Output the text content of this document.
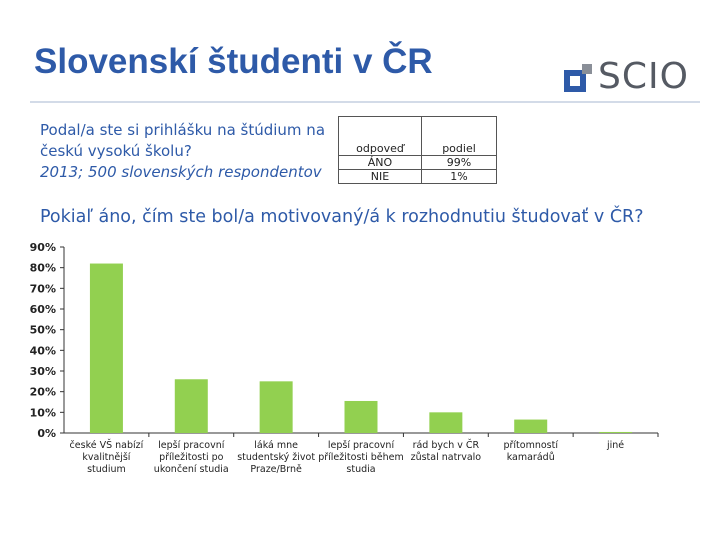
Slovenskí študenti v ČR	SCIO
Podal/a ste si prihlášku na štúdium na
českú vysokú školu?
2013; 500 slovenských respondentov
odpoveď	podiel
ÁNO	99%
NIE	1%
Pokiaľ áno, čím ste bol/a motivovaný/á k rozhodnutiu študovať v ČR?
0%
10%
20%
30%
40%
50%
60%
70%
80%
90%
české VŠ nabízí kvalitnější studium
lepší pracovní příležitosti po ukončení studia
láká mne studentský život Praze/Brně
lepší pracovní příležitosti během studia
rád bych v ČR zůstal natrvalo
přítomností kamarádů
jiné
